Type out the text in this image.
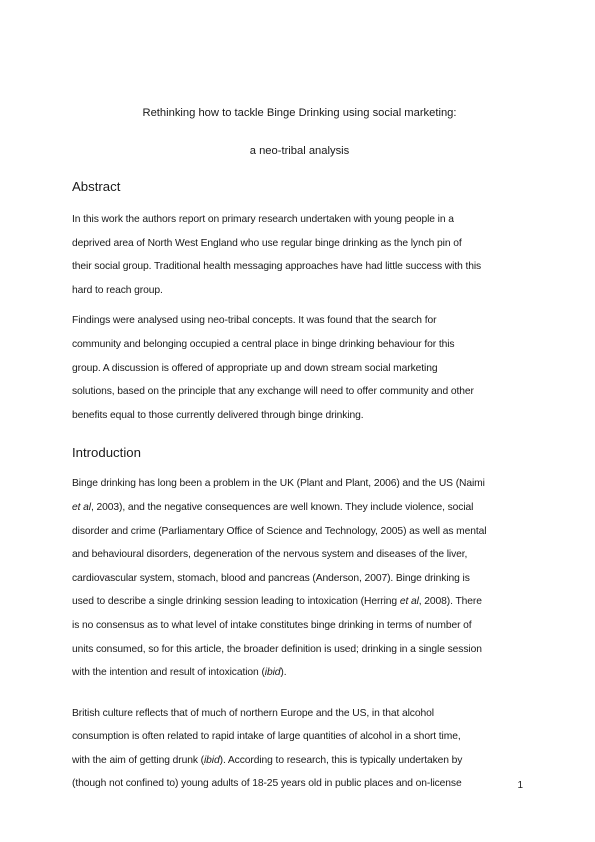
Rethinking how to tackle Binge Drinking using social marketing:

a neo-tribal analysis

Abstract

In this work the authors report on primary research undertaken with young people in a
deprived area of North West England who use regular binge drinking as the lynch pin of
their social group. Traditional health messaging approaches have had little success with this
hard to reach group.

Findings were analysed using neo-tribal concepts. It was found that the search for
community and belonging occupied a central place in binge drinking behaviour for this
group. A discussion is offered of appropriate up and down stream social marketing
solutions, based on the principle that any exchange will need to offer community and other
benefits equal to those currently delivered through binge drinking.

Introduction

Binge drinking has long been a problem in the UK (Plant and Plant, 2006) and the US (Naimi
et al, 2003), and the negative consequences are well known. They include violence, social
disorder and crime (Parliamentary Office of Science and Technology, 2005) as well as mental
and behavioural disorders, degeneration of the nervous system and diseases of the liver,
cardiovascular system, stomach, blood and pancreas (Anderson, 2007). Binge drinking is
used to describe a single drinking session leading to intoxication (Herring et al, 2008). There
is no consensus as to what level of intake constitutes binge drinking in terms of number of
units consumed, so for this article, the broader definition is used; drinking in a single session
with the intention and result of intoxication (ibid).

British culture reflects that of much of northern Europe and the US, in that alcohol
consumption is often related to rapid intake of large quantities of alcohol in a short time,
with the aim of getting drunk (ibid). According to research, this is typically undertaken by
(though not confined to) young adults of 18-25 years old in public places and on-license	1
